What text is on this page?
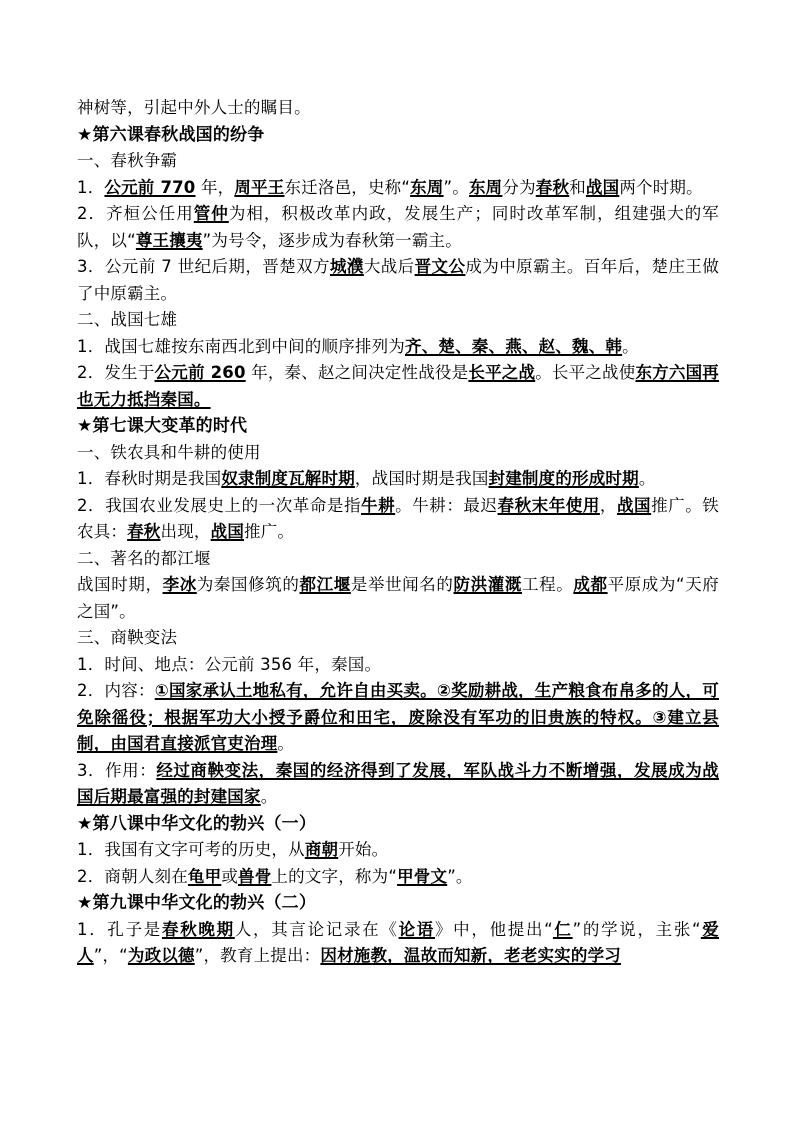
神树等，引起中外人士的瞩目。

★第六课春秋战国的纷争

一、春秋争霸

1．公元前 770 年，周平王东迁洛邑，史称“东周”。东周分为春秋和战国两个时期。

2．齐桓公任用管仲为相，积极改革内政，发展生产；同时改革军制，组建强大的军队，以“尊王攘夷”为号令，逐步成为春秋第一霸主。

3．公元前 7 世纪后期，晋楚双方城濮大战后晋文公成为中原霸主。百年后，楚庄王做了中原霸主。

二、战国七雄

1．战国七雄按东南西北到中间的顺序排列为齐、楚、秦、燕、赵、魏、韩。

2．发生于公元前 260 年，秦、赵之间决定性战役是长平之战。长平之战使东方六国再也无力抵挡秦国。

★第七课大变革的时代

一、铁农具和牛耕的使用

1．春秋时期是我国奴隶制度瓦解时期，战国时期是我国封建制度的形成时期。

2．我国农业发展史上的一次革命是指牛耕。牛耕：最迟春秋末年使用，战国推广。铁农具：春秋出现，战国推广。

二、著名的都江堰

战国时期，李冰为秦国修筑的都江堰是举世闻名的防洪灌溉工程。成都平原成为“天府之国”。

三、商鞅变法

1．时间、地点：公元前 356 年，秦国。

2．内容：①国家承认土地私有，允许自由买卖。②奖励耕战，生产粮食布帛多的人，可免除徭役；根据军功大小授予爵位和田宅，废除没有军功的旧贵族的特权。③建立县制，由国君直接派官吏治理。

3．作用：经过商鞅变法，秦国的经济得到了发展，军队战斗力不断增强，发展成为战国后期最富强的封建国家。

★第八课中华文化的勃兴（一）

1．我国有文字可考的历史，从商朝开始。

2．商朝人刻在龟甲或兽骨上的文字，称为“甲骨文”。

★第九课中华文化的勃兴（二）

1．孔子是春秋晚期人，其言论记录在《论语》中，他提出“仁”的学说，主张“爱人”，“为政以德”，教育上提出：因材施教，温故而知新，老老实实的学习
